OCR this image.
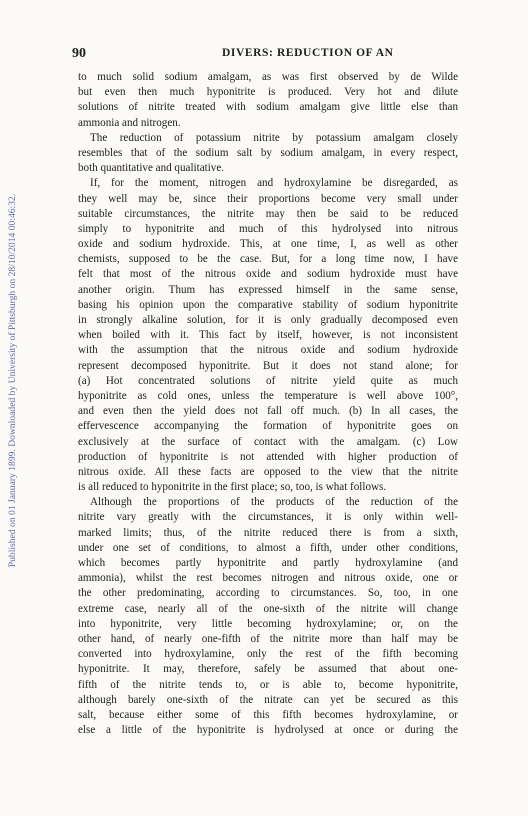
Published on 01 January 1899. Downloaded by University of Pittsburgh on 28/10/2014 00:46:32.
90	DIVERS: REDUCTION OF AN
to much solid sodium amalgam, as was first observed by de Wilde
but even then much hyponitrite is produced. Very hot and dilute
solutions of nitrite treated with sodium amalgam give little else than
ammonia and nitrogen.
The reduction of potassium nitrite by potassium amalgam closely
resembles that of the sodium salt by sodium amalgam, in every respect,
both quantitative and qualitative.
If, for the moment, nitrogen and hydroxylamine be disregarded, as
they well may be, since their proportions become very small under
suitable circumstances, the nitrite may then be said to be reduced
simply to hyponitrite and much of this hydrolysed into nitrous
oxide and sodium hydroxide. This, at one time, I, as well as other
chemists, supposed to be the case. But, for a long time now, I have
felt that most of the nitrous oxide and sodium hydroxide must have
another origin. Thum has expressed himself in the same sense,
basing his opinion upon the comparative stability of sodium hyponitrite
in strongly alkaline solution, for it is only gradually decomposed even
when boiled with it. This fact by itself, however, is not inconsistent
with the assumption that the nitrous oxide and sodium hydroxide
represent decomposed hyponitrite. But it does not stand alone; for
(a) Hot concentrated solutions of nitrite yield quite as much
hyponitrite as cold ones, unless the temperature is well above 100°,
and even then the yield does not fall off much. (b) In all cases, the
effervescence accompanying the formation of hyponitrite goes on
exclusively at the surface of contact with the amalgam. (c) Low
production of hyponitrite is not attended with higher production of
nitrous oxide. All these facts are opposed to the view that the nitrite
is all reduced to hyponitrite in the first place; so, too, is what follows.
Although the proportions of the products of the reduction of the
nitrite vary greatly with the circumstances, it is only within well-
marked limits; thus, of the nitrite reduced there is from a sixth,
under one set of conditions, to almost a fifth, under other conditions,
which becomes partly hyponitrite and partly hydroxylamine (and
ammonia), whilst the rest becomes nitrogen and nitrous oxide, one or
the other predominating, according to circumstances. So, too, in one
extreme case, nearly all of the one-sixth of the nitrite will change
into hyponitrite, very little becoming hydroxylamine; or, on the
other hand, of nearly one-fifth of the nitrite more than half may be
converted into hydroxylamine, only the rest of the fifth becoming
hyponitrite. It may, therefore, safely be assumed that about one-
fifth of the nitrite tends to, or is able to, become hyponitrite,
although barely one-sixth of the nitrate can yet be secured as this
salt, because either some of this fifth becomes hydroxylamine, or
else a little of the hyponitrite is hydrolysed at once or during the
